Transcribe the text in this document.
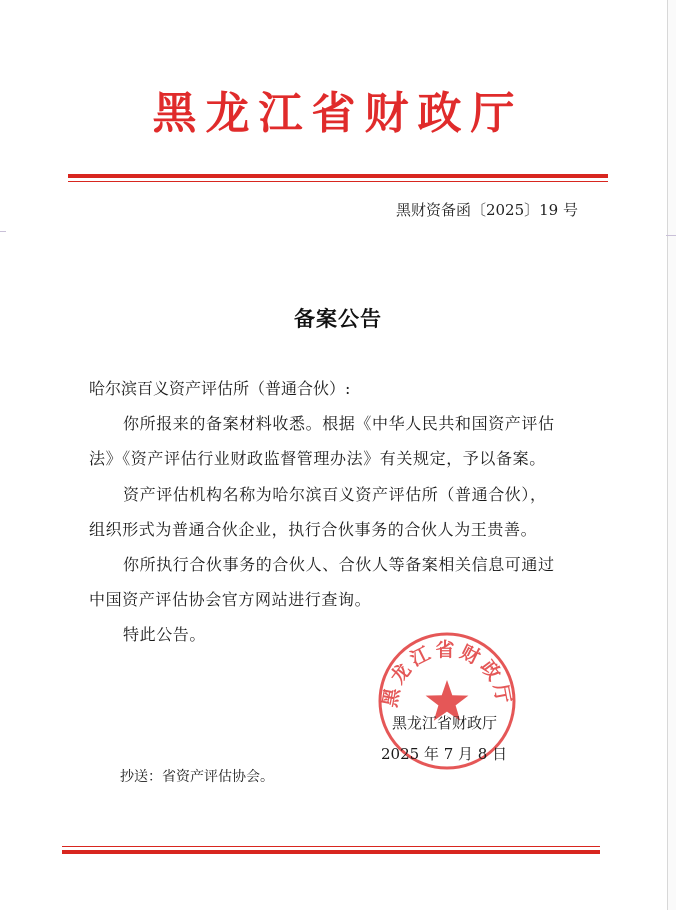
黑龙江省财政厅
黑财资备函〔2025〕19 号
备案公告
哈尔滨百义资产评估所（普通合伙）:
你所报来的备案材料收悉。根据《中华人民共和国资产评估
法》《资产评估行业财政监督管理办法》有关规定，予以备案。
资产评估机构名称为哈尔滨百义资产评估所（普通合伙），
组织形式为普通合伙企业，执行合伙事务的合伙人为王贵善。
你所执行合伙事务的合伙人、合伙人等备案相关信息可通过
中国资产评估协会官方网站进行查询。
特此公告。
黑龙江省财政厅
黑龙江省财政厅
2025 年 7 月 8 日
抄送：省资产评估协会。
